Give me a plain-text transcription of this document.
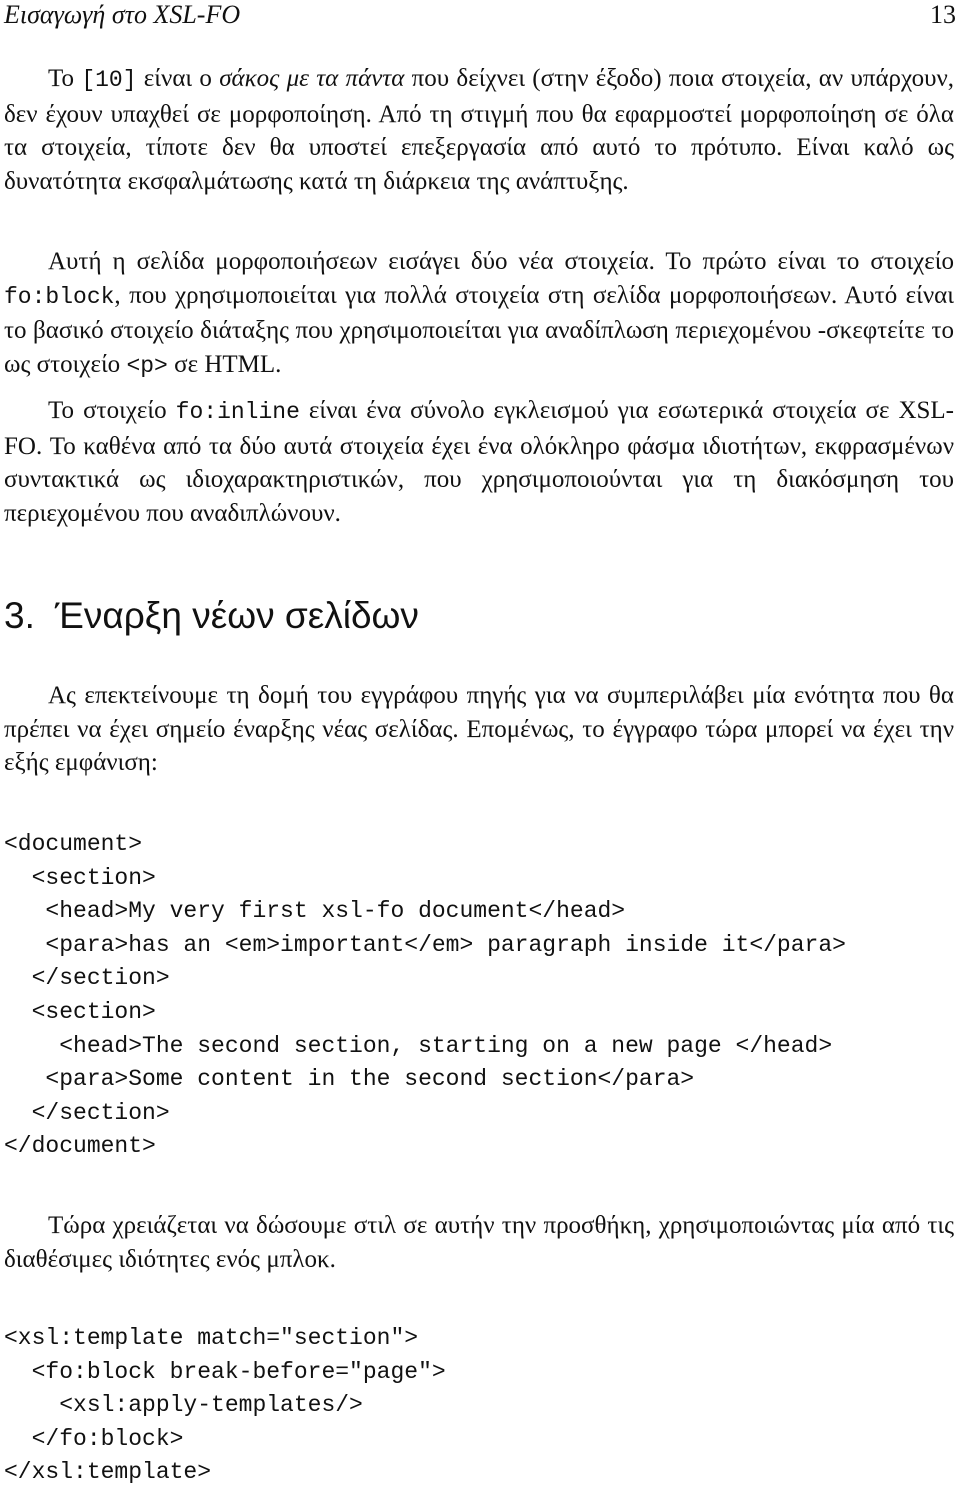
Εισαγωγή στο XSL-FO	13

Το [10] είναι ο σάκος με τα πάντα που δείχνει (στην έξοδο) ποια στοιχεία, αν υπάρχουν, δεν έχουν υπαχθεί σε μορφοποίηση. Από τη στιγμή που θα εφαρμοστεί μορφοποίηση σε όλα τα στοιχεία, τίποτε δεν θα υποστεί επεξεργασία από αυτό το πρότυπο. Είναι καλό ως δυνατότητα εκσφαλμάτωσης κατά τη διάρκεια της ανάπτυξης.

Αυτή η σελίδα μορφοποιήσεων εισάγει δύο νέα στοιχεία. Το πρώτο είναι το στοιχείο fo:block, που χρησιμοποιείται για πολλά στοιχεία στη σελίδα μορφοποιήσεων. Αυτό είναι το βασικό στοιχείο διάταξης που χρησιμοποιείται για αναδίπλωση περιεχομένου -σκεφτείτε το ως στοιχείο <p> σε HTML.

Το στοιχείο fo:inline είναι ένα σύνολο εγκλεισμού για εσωτερικά στοιχεία σε XSL-FO. Το καθένα από τα δύο αυτά στοιχεία έχει ένα ολόκληρο φάσμα ιδιοτήτων, εκφρασμένων συντακτικά ως ιδιοχαρακτηριστικών, που χρησιμοποιούνται για τη διακόσμηση του περιεχομένου που αναδιπλώνουν.

3. Έναρξη νέων σελίδων

Ας επεκτείνουμε τη δομή του εγγράφου πηγής για να συμπεριλάβει μία ενότητα που θα πρέπει να έχει σημείο έναρξης νέας σελίδας. Επομένως, το έγγραφο τώρα μπορεί να έχει την εξής εμφάνιση:

<document>
<section>
<head>My very first xsl-fo document</head>
<para>has an <em>important</em> paragraph inside it</para>
</section>
<section>
<head>The second section, starting on a new page </head>
<para>Some content in the second section</para>
</section>
</document>

Τώρα χρειάζεται να δώσουμε στιλ σε αυτήν την προσθήκη, χρησιμοποιώντας μία από τις διαθέσιμες ιδιότητες ενός μπλοκ.

<xsl:template match="section">
<fo:block break-before="page">
<xsl:apply-templates/>
</fo:block>
</xsl:template>
